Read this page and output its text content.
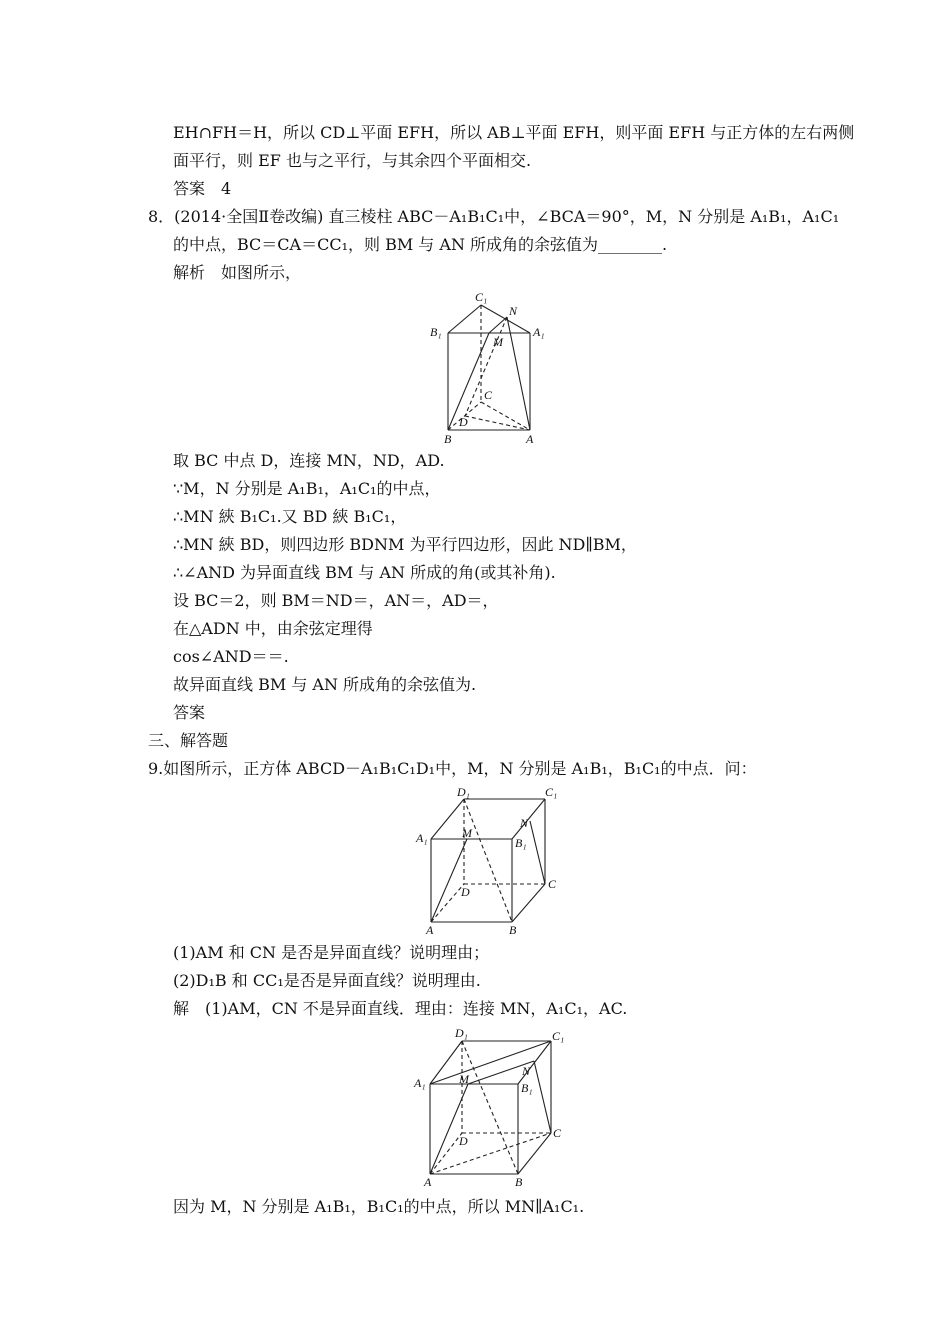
EH∩FH＝H，所以 CD⊥平面 EFH，所以 AB⊥平面 EFH，则平面 EFH 与正方体的左右两侧
面平行，则 EF 也与之平行，与其余四个平面相交.
答案　4
8．(2014·全国Ⅱ卷改编) 直三棱柱 ABC－A₁B₁C₁中，∠BCA＝90°，M，N 分别是 A₁B₁，A₁C₁
的中点，BC＝CA＝CC₁，则 BM 与 AN 所成角的余弦值为________.
解析　如图所示，
C₁
N
B₁	A₁
M
C
D
B	A
取 BC 中点 D，连接 MN，ND，AD.
∵M，N 分别是 A₁B₁，A₁C₁的中点，
∴MN 綊 B₁C₁.又 BD 綊 B₁C₁，
∴MN 綊 BD，则四边形 BDNM 为平行四边形，因此 ND∥BM，
∴∠AND 为异面直线 BM 与 AN 所成的角(或其补角).
设 BC＝2，则 BM＝ND＝，AN＝，AD＝，
在△ADN 中，由余弦定理得
cos∠AND＝＝.
故异面直线 BM 与 AN 所成角的余弦值为.
答案
三、解答题
9.如图所示，正方体 ABCD－A₁B₁C₁D₁中，M，N 分别是 A₁B₁，B₁C₁的中点．问：
D₁	C₁
A₁	M
N
B₁
C
D
A	B
(1)AM 和 CN 是否是异面直线？说明理由；
(2)D₁B 和 CC₁是否是异面直线？说明理由.
解　(1)AM，CN 不是异面直线．理由：连接 MN，A₁C₁，AC.
D₁	C₁
A₁	M
N
B₁
C
D
A	B
因为 M，N 分别是 A₁B₁，B₁C₁的中点，所以 MN∥A₁C₁.
